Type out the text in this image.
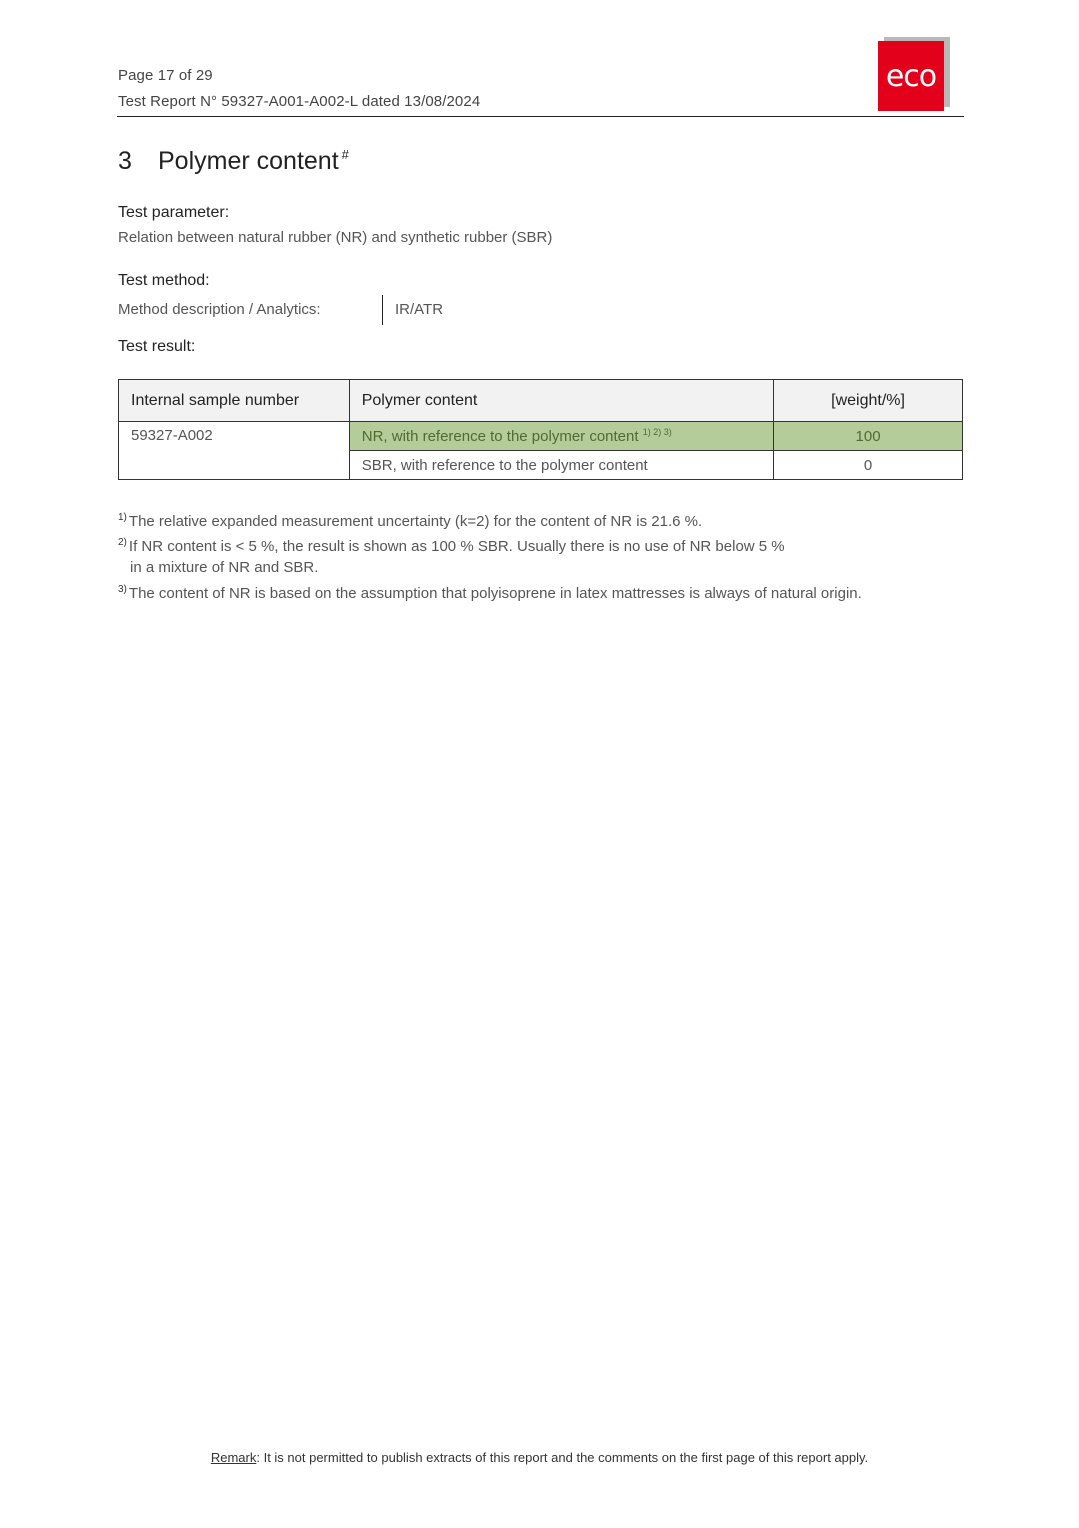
Page 17 of 29
Test Report N° 59327-A001-A002-L dated 13/08/2024
eco
3 Polymer content #
Test parameter:
Relation between natural rubber (NR) and synthetic rubber (SBR)
Test method:
Method description / Analytics:	IR/ATR
Test result:
Internal sample number	Polymer content	[weight/%]
59327-A002	NR, with reference to the polymer content $^{1) 2) 3)}$	100
	SBR, with reference to the polymer content	0
$^{1)}$ The relative expanded measurement uncertainty (k=2) for the content of NR is 21.6 %.
$^{2)}$ If NR content is < 5 %, the result is shown as 100 % SBR. Usually there is no use of NR below 5 %
in a mixture of NR and SBR.
$^{3)}$ The content of NR is based on the assumption that polyisoprene in latex mattresses is always of natural origin.
Remark: It is not permitted to publish extracts of this report and the comments on the first page of this report apply.
